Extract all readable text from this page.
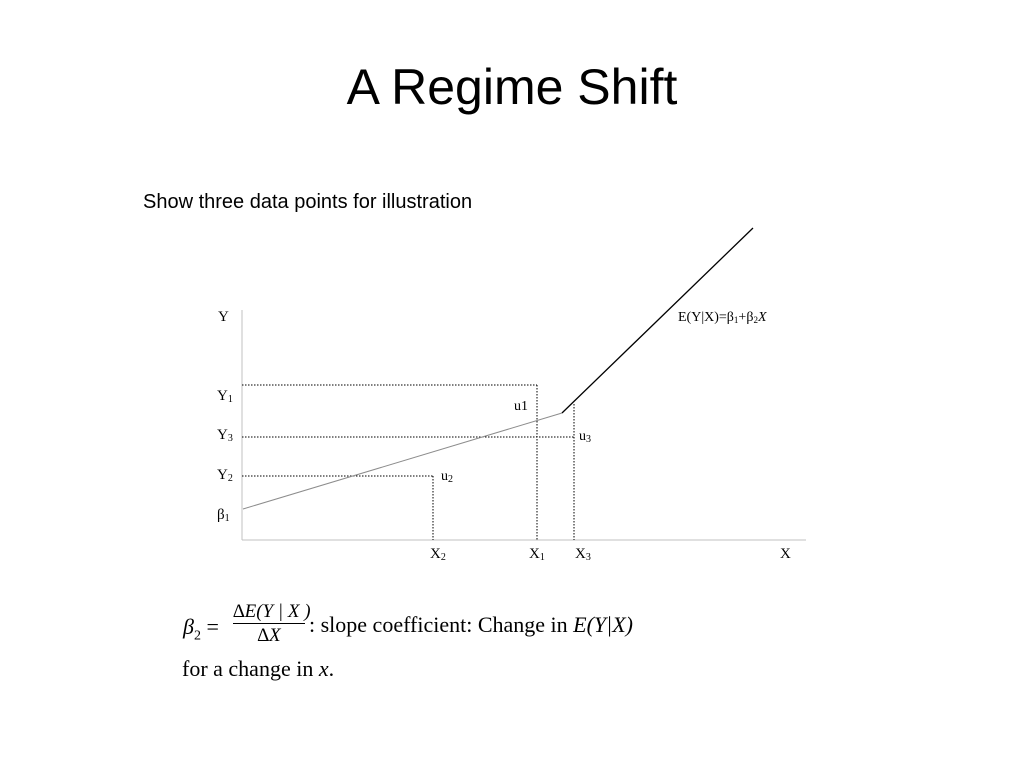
A Regime Shift
Show three data points for illustration
Y
X
Y1
Y3
Y2
β1
X2	X1 X3
u1
u3
u2
E(Y|X)=β1+β2X
$\beta_2 = \frac{\Delta E(Y | X )}{\Delta X}$ : slope coefficient: Change in E(Y|X)
for a change in x.
